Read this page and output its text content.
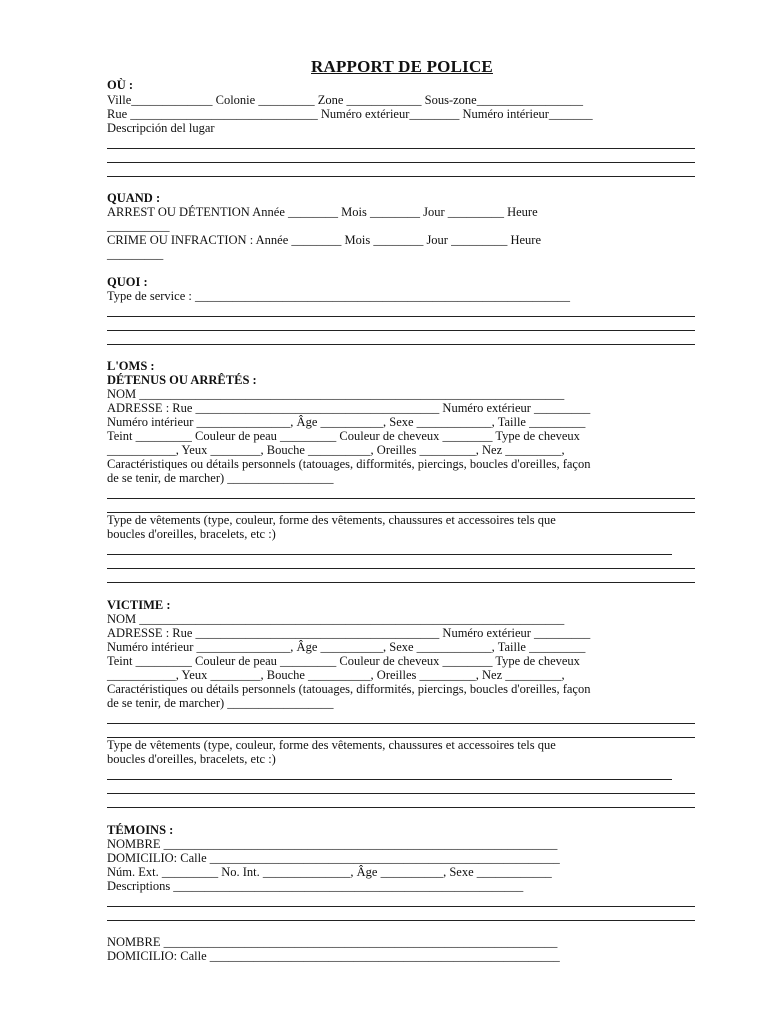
RAPPORT DE POLICE
OÙ :
Ville_____________ Colonie _________ Zone ____________ Sous-zone_________________
Rue ______________________________ Numéro extérieur________ Numéro intérieur_______
Descripción del lugar
QUAND :
ARREST OU DÉTENTION Année ________ Mois ________ Jour _________ Heure
__________
CRIME OU INFRACTION : Année ________ Mois ________ Jour _________ Heure
_________
QUOI :
Type de service : ____________________________________________________________
L'OMS :
DÉTENUS OU ARRÊTÉS :
NOM ____________________________________________________________________
ADRESSE : Rue _______________________________________ Numéro extérieur _________
Numéro intérieur _______________, Âge __________, Sexe ____________, Taille _________
Teint _________ Couleur de peau _________ Couleur de cheveux ________ Type de cheveux
___________, Yeux ________, Bouche __________, Oreilles _________, Nez _________,
Caractéristiques ou détails personnels (tatouages, difformités, piercings, boucles d'oreilles, façon
de se tenir, de marcher) _________________
Type de vêtements (type, couleur, forme des vêtements, chaussures et accessoires tels que
boucles d'oreilles, bracelets, etc :)
VICTIME :
NOM ____________________________________________________________________
ADRESSE : Rue _______________________________________ Numéro extérieur _________
Numéro intérieur _______________, Âge __________, Sexe ____________, Taille _________
Teint _________ Couleur de peau _________ Couleur de cheveux ________ Type de cheveux
___________, Yeux ________, Bouche __________, Oreilles _________, Nez _________,
Caractéristiques ou détails personnels (tatouages, difformités, piercings, boucles d'oreilles, façon
de se tenir, de marcher) _________________
Type de vêtements (type, couleur, forme des vêtements, chaussures et accessoires tels que
boucles d'oreilles, bracelets, etc :)
TÉMOINS :
NOMBRE _______________________________________________________________
DOMICILIO: Calle ________________________________________________________
Núm. Ext. _________ No. Int. ______________, Âge __________, Sexe ____________
Descriptions ________________________________________________________
NOMBRE _______________________________________________________________
DOMICILIO: Calle ________________________________________________________
